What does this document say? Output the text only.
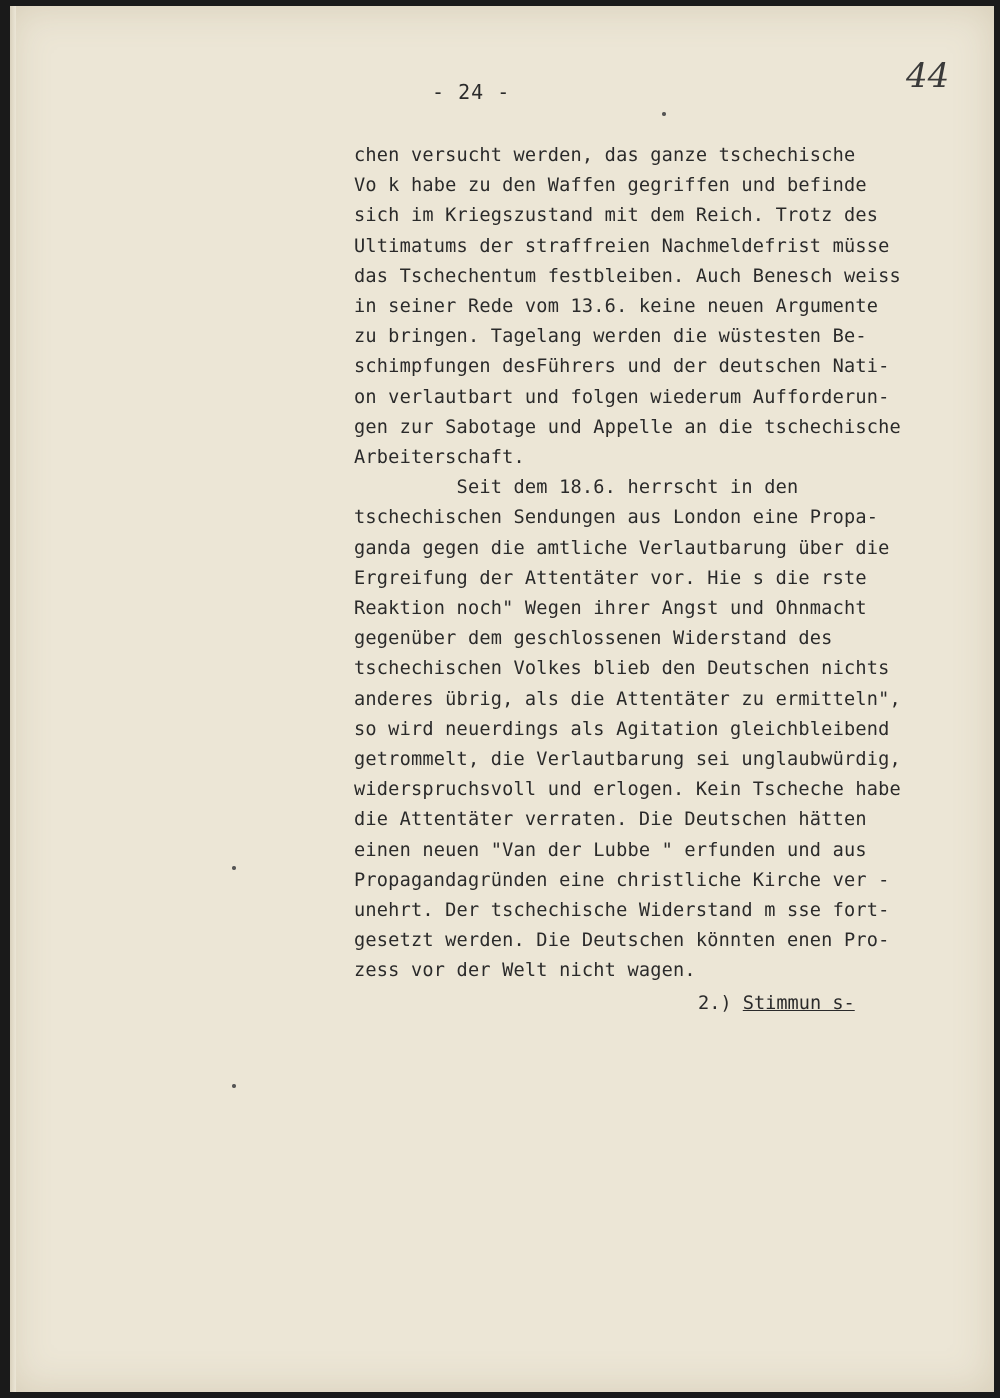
- 24 -	44
chen versucht werden, das ganze tschechische
Vo k habe zu den Waffen gegriffen und befinde
sich im Kriegszustand mit dem Reich. Trotz des
Ultimatums der straffreien Nachmeldefrist müsse
das Tschechentum festbleiben. Auch Benesch weiss
in seiner Rede vom 13.6. keine neuen Argumente
zu bringen. Tagelang werden die wüstesten Be-
schimpfungen desFührers und der deutschen Nati-
on verlautbart und folgen wiederum Aufforderun-
gen zur Sabotage und Appelle an die tschechische
Arbeiterschaft.
Seit dem 18.6. herrscht in den
tschechischen Sendungen aus London eine Propa-
ganda gegen die amtliche Verlautbarung über die
Ergreifung der Attentäter vor. Hie s die rste
Reaktion noch" Wegen ihrer Angst und Ohnmacht
gegenüber dem geschlossenen Widerstand des
tschechischen Volkes blieb den Deutschen nichts
anderes übrig, als die Attentäter zu ermitteln",
so wird neuerdings als Agitation gleichbleibend
getrommelt, die Verlautbarung sei unglaubwürdig,
widerspruchsvoll und erlogen. Kein Tscheche habe
die Attentäter verraten. Die Deutschen hätten
einen neuen "Van der Lubbe " erfunden und aus
Propagandagründen eine christliche Kirche ver -
unehrt. Der tschechische Widerstand m sse fort-
gesetzt werden. Die Deutschen könnten enen Pro-
zess vor der Welt nicht wagen.
2.) Stimmun s-
